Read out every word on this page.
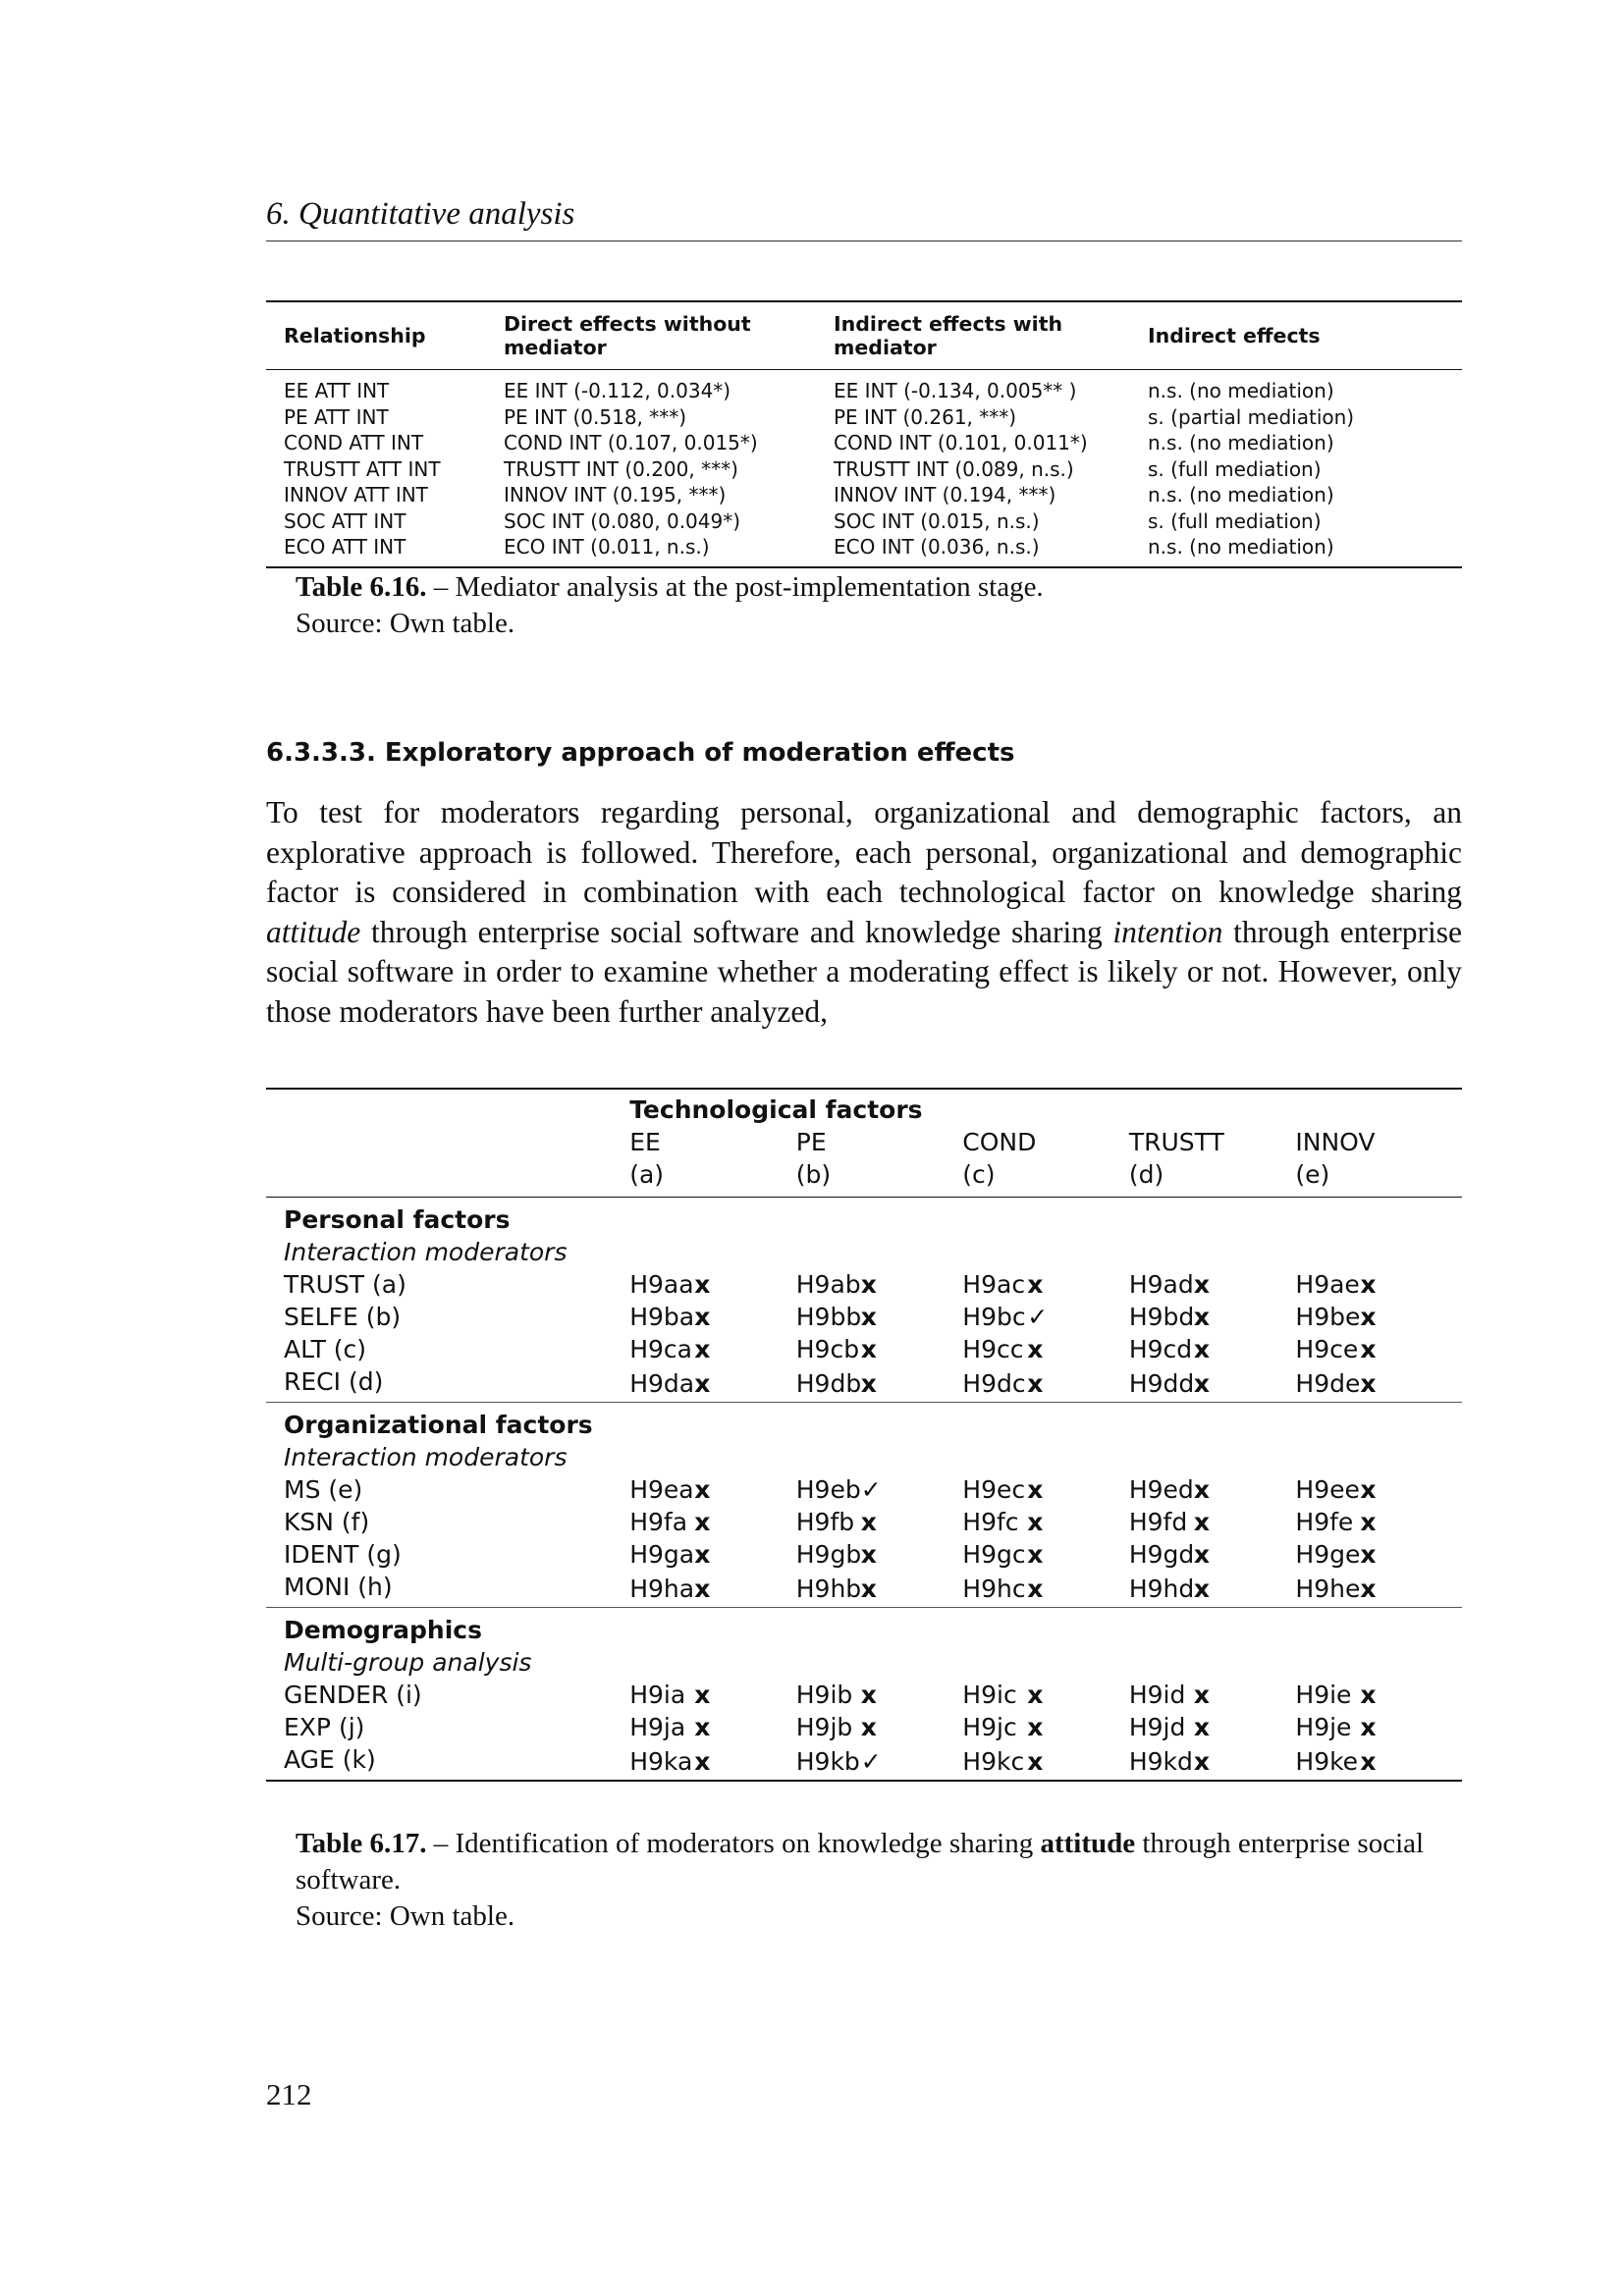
6. Quantitative analysis
Relationship	Direct effects without mediator	Indirect effects with mediator	Indirect effects
EE ATT INT	EE INT (-0.112, 0.034*)	EE INT (-0.134, 0.005** )	n.s. (no mediation)
PE ATT INT	PE INT (0.518, ***)	PE INT (0.261, ***)	s. (partial mediation)
COND ATT INT	COND INT (0.107, 0.015*)	COND INT (0.101, 0.011*)	n.s. (no mediation)
TRUSTT ATT INT	TRUSTT INT (0.200, ***)	TRUSTT INT (0.089, n.s.)	s. (full mediation)
INNOV ATT INT	INNOV INT (0.195, ***)	INNOV INT (0.194, ***)	n.s. (no mediation)
SOC ATT INT	SOC INT (0.080, 0.049*)	SOC INT (0.015, n.s.)	s. (full mediation)
ECO ATT INT	ECO INT (0.011, n.s.)	ECO INT (0.036, n.s.)	n.s. (no mediation)
Table 6.16. – Mediator analysis at the post-implementation stage.
Source: Own table.
6.3.3.3. Exploratory approach of moderation effects

To test for moderators regarding personal, organizational and demographic factors, an explorative approach is followed. Therefore, each personal, organizational and demographic factor is considered in combination with each technological factor on knowledge sharing attitude through enterprise social software and knowledge sharing intention through enterprise social software in order to examine whether a moderating effect is likely or not. However, only those moderators have been further analyzed,

	Technological factors				
	EE	PE	COND	TRUSTT	INNOV
	(a)	(b)	(c)	(d)	(e)
Personal factors					
Interaction moderators					
TRUST (a)	H9aax	H9abx	H9acx	H9adx	H9aex
SELFE (b)	H9bax	H9bbx	H9bc✓	H9bdx	H9bex
ALT (c)	H9cax	H9cbx	H9cc x	H9cdx	H9cex
RECI (d)	H9dax	H9dbx	H9dcx	H9ddx	H9dex
Organizational factors					
Interaction moderators					
MS (e)	H9eax	H9eb✓	H9ecx	H9edx	H9eex
KSN (f)	H9fa x	H9fb x	H9fc x	H9fd x	H9fe x
IDENT (g)	H9gax	H9gbx	H9gcx	H9gdx	H9gex
MONI (h)	H9hax	H9hbx	H9hcx	H9hdx	H9hex
Demographics					
Multi-group analysis					
GENDER (i)	H9ia x	H9ib x	H9ic x	H9id x	H9ie x
EXP (j)	H9ja x	H9jb x	H9jc x	H9jd x	H9je x
AGE (k)	H9kax	H9kb✓	H9kc x	H9kdx	H9kex
Table 6.17. – Identification of moderators on knowledge sharing attitude through enterprise social software.
Source: Own table.
212
